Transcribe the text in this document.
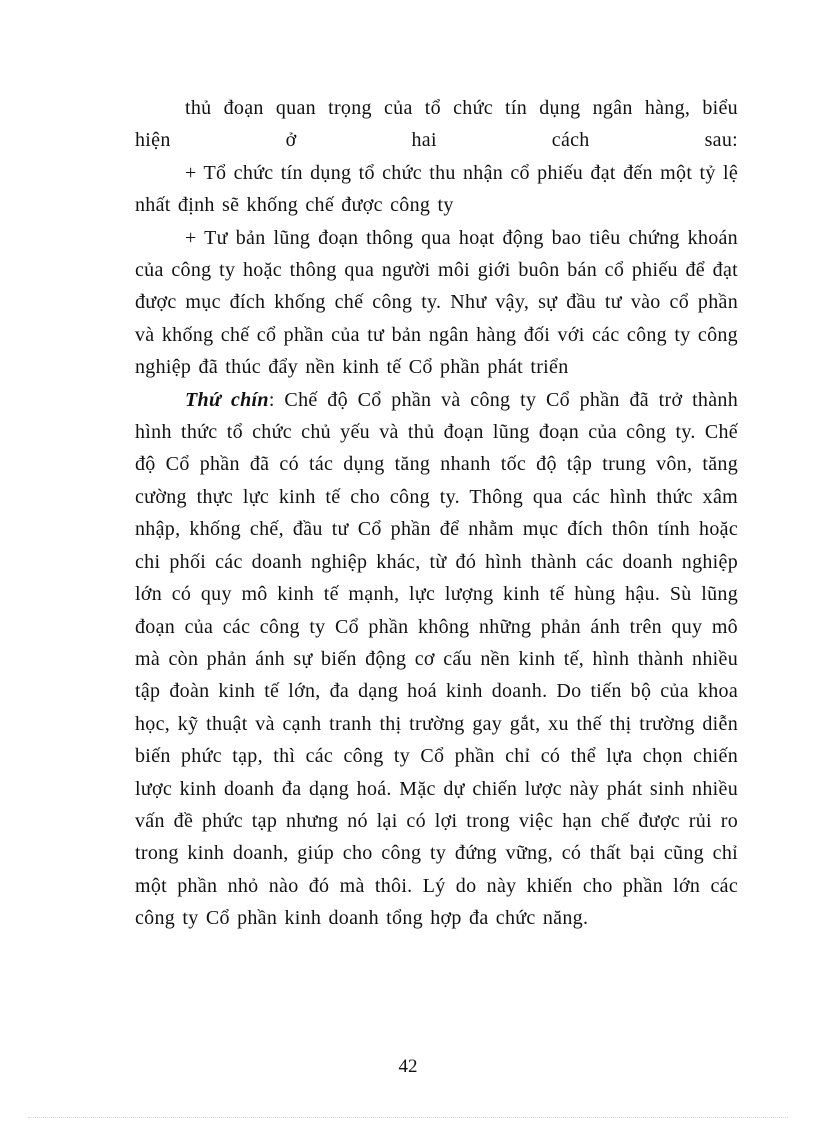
thủ đoạn quan trọng của tổ chức tín dụng ngân hàng, biểu

hiện ở hai cách sau:

+ Tổ chức tín dụng tổ chức thu nhận cổ phiếu đạt đến một tỷ lệ nhất định sẽ khống chế được công ty

+ Tư bản lũng đoạn thông qua hoạt động bao tiêu chứng khoán của công ty hoặc thông qua người môi giới buôn bán cổ phiếu để đạt được mục đích khống chế công ty. Như vậy, sự đầu tư vào cổ phần và khống chế cổ phần của tư bản ngân hàng đối với các công ty công nghiệp đã thúc đẩy nền kinh tế Cổ phần phát triển

Thứ chín: Chế độ Cổ phần và công ty Cổ phần đã trở thành hình thức tổ chức chủ yếu và thủ đoạn lũng đoạn của công ty. Chế độ Cổ phần đã có tác dụng tăng nhanh tốc độ tập trung vôn, tăng cường thực lực kinh tế cho công ty. Thông qua các hình thức xâm nhập, khống chế, đầu tư Cổ phần để nhằm mục đích thôn tính hoặc chi phối các doanh nghiệp khác, từ đó hình thành các doanh nghiệp lớn có quy mô kinh tế mạnh, lực lượng kinh tế hùng hậu. Sù lũng đoạn của các công ty Cổ phần không những phản ánh trên quy mô mà còn phản ánh sự biến động cơ cấu nền kinh tế, hình thành nhiều tập đoàn kinh tế lớn, đa dạng hoá kinh doanh. Do tiến bộ của khoa học, kỹ thuật và cạnh tranh thị trường gay gắt, xu thế thị trường diễn biến phức tạp, thì các công ty Cổ phần chỉ có thể lựa chọn chiến lược kinh doanh đa dạng hoá. Mặc dự chiến lược này phát sinh nhiều vấn đề phức tạp nhưng nó lại có lợi trong việc hạn chế được rủi ro trong kinh doanh, giúp cho công ty đứng vững, có thất bại cũng chỉ một phần nhỏ nào đó mà thôi. Lý do này khiến cho phần lớn các công ty Cổ phần kinh doanh tổng hợp đa chức năng.

42
